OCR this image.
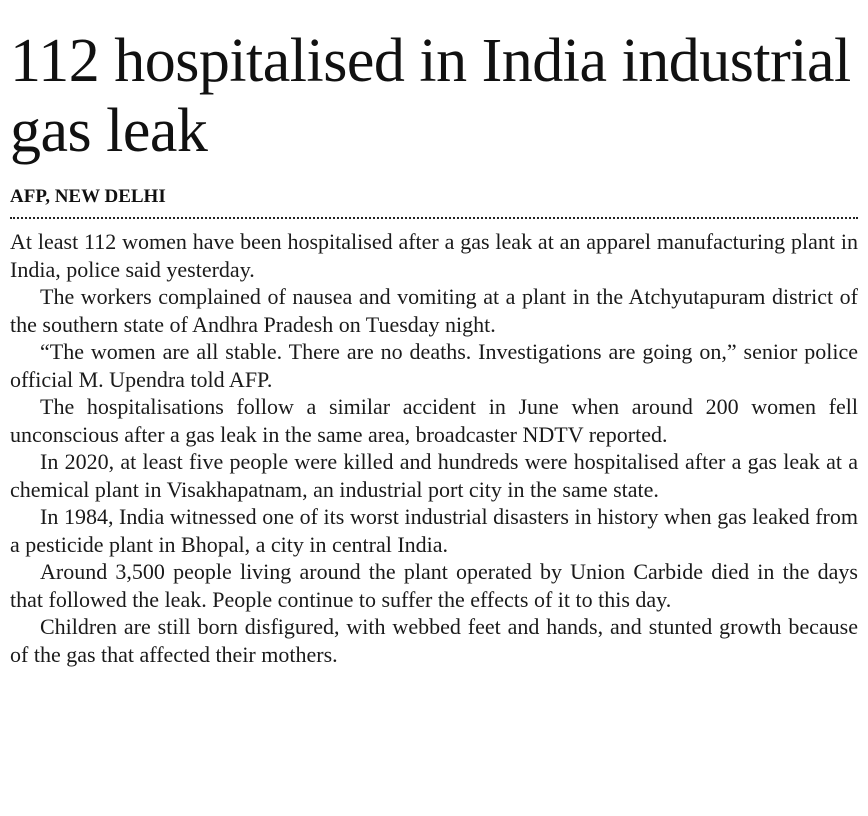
112 hospitalised in India industrial gas leak
AFP, NEW DELHI

At least 112 women have been hospitalised after a gas leak at an apparel manufacturing plant in India, police said yesterday.

The workers complained of nausea and vomiting at a plant in the Atchyutapuram district of the southern state of Andhra Pradesh on Tuesday night.

“The women are all stable. There are no deaths. Investigations are going on,” senior police official M. Upendra told AFP.

The hospitalisations follow a similar accident in June when around 200 women fell unconscious after a gas leak in the same area, broadcaster NDTV reported.

In 2020, at least five people were killed and hundreds were hospitalised after a gas leak at a chemical plant in Visakhapatnam, an industrial port city in the same state.

In 1984, India witnessed one of its worst industrial disasters in history when gas leaked from a pesticide plant in Bhopal, a city in central India.

Around 3,500 people living around the plant operated by Union Carbide died in the days that followed the leak. People continue to suffer the effects of it to this day.

Children are still born disfigured, with webbed feet and hands, and stunted growth because of the gas that affected their mothers.
